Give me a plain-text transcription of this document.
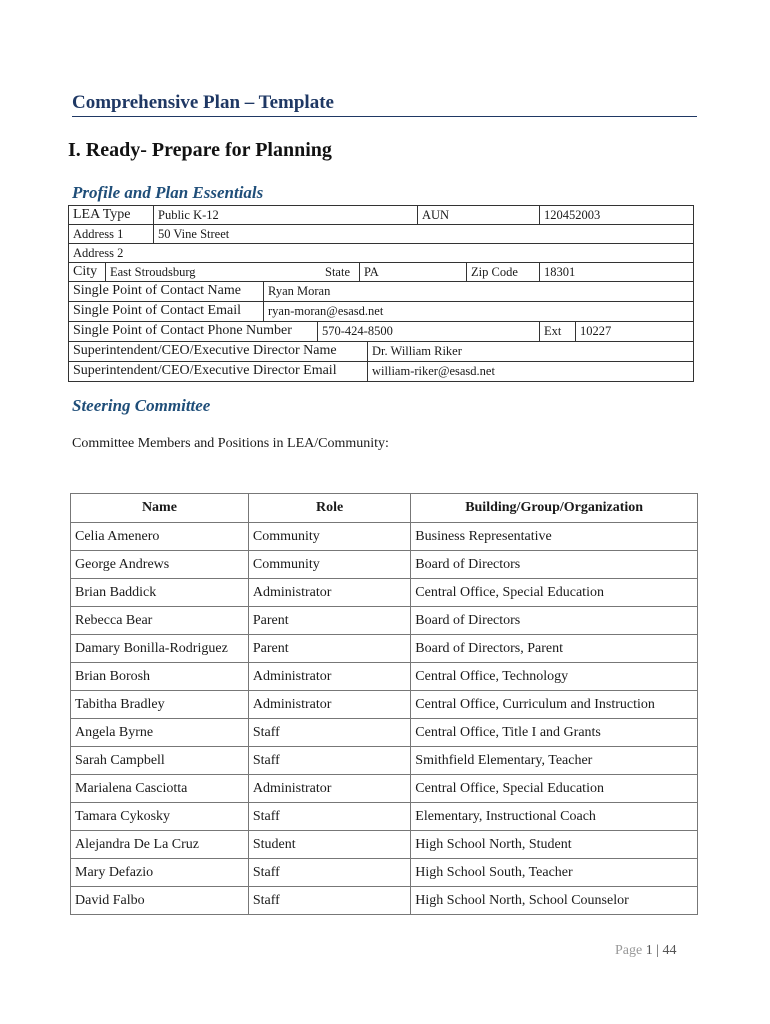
Comprehensive Plan – Template
I. Ready- Prepare for Planning
Profile and Plan Essentials
LEA Type	Public K-12	AUN	120452003
Address 1	50 Vine Street
Address 2
City	East Stroudsburg	State	PA	Zip Code	18301
Single Point of Contact Name	Ryan Moran
Single Point of Contact Email	ryan-moran@esasd.net
Single Point of Contact Phone Number	570-424-8500	Ext	10227
Superintendent/CEO/Executive Director Name	Dr. William Riker
Superintendent/CEO/Executive Director Email	william-riker@esasd.net
Steering Committee
Committee Members and Positions in LEA/Community:
Name	Role	Building/Group/Organization
Celia Amenero	Community	Business Representative
George Andrews	Community	Board of Directors
Brian Baddick	Administrator	Central Office, Special Education
Rebecca Bear	Parent	Board of Directors
Damary Bonilla-Rodriguez	Parent	Board of Directors, Parent
Brian Borosh	Administrator	Central Office, Technology
Tabitha Bradley	Administrator	Central Office, Curriculum and Instruction
Angela Byrne	Staff	Central Office, Title I and Grants
Sarah Campbell	Staff	Smithfield Elementary, Teacher
Marialena Casciotta	Administrator	Central Office, Special Education
Tamara Cykosky	Staff	Elementary, Instructional Coach
Alejandra De La Cruz	Student	High School North, Student
Mary Defazio	Staff	High School South, Teacher
David Falbo	Staff	High School North, School Counselor
Page 1 | 44
